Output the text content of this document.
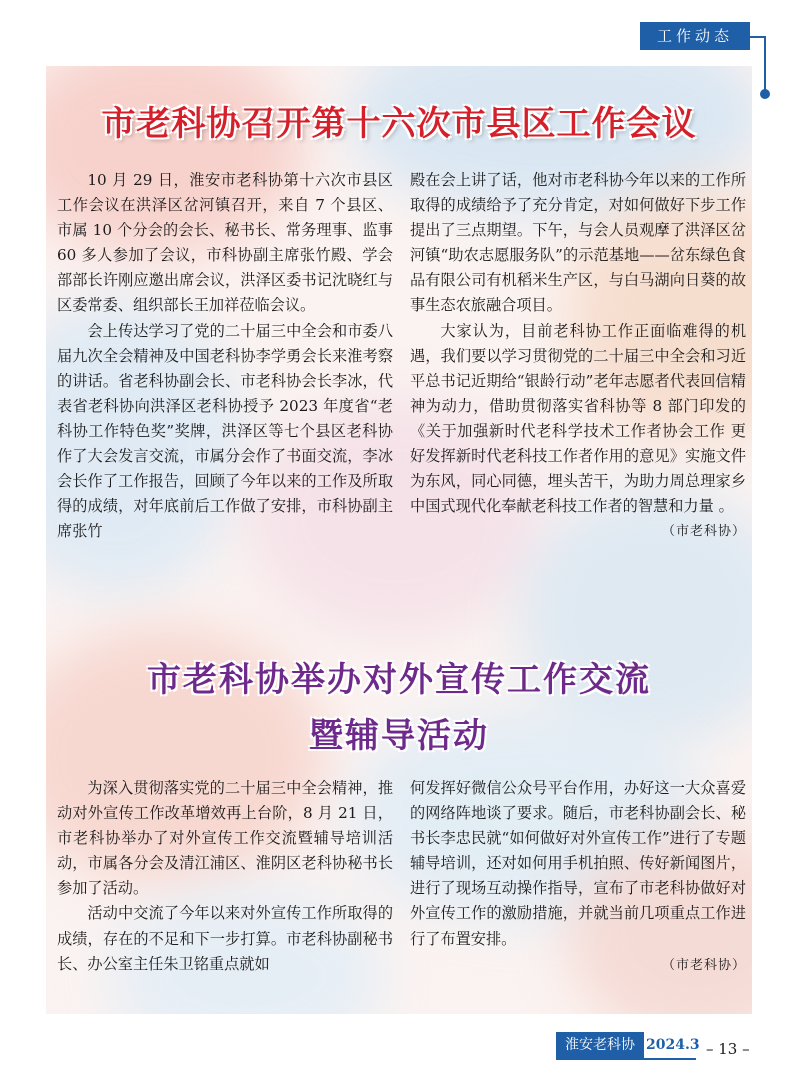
工作动态
市老科协召开第十六次市县区工作会议

10 月 29 日，淮安市老科协第十六次市县区工作会议在洪泽区岔河镇召开，来自 7 个县区、市属 10 个分会的会长、秘书长、常务理事、监事 60 多人参加了会议，市科协副主席张竹殿、学会部部长许刚应邀出席会议，洪泽区委书记沈晓红与区委常委、组织部长王加祥莅临会议。

会上传达学习了党的二十届三中全会和市委八届九次全会精神及中国老科协李学勇会长来淮考察的讲话。省老科协副会长、市老科协会长李冰，代表省老科协向洪泽区老科协授予 2023 年度省“老科协工作特色奖”奖牌，洪泽区等七个县区老科协作了大会发言交流，市属分会作了书面交流，李冰会长作了工作报告，回顾了今年以来的工作及所取得的成绩，对年底前后工作做了安排，市科协副主席张竹

殿在会上讲了话，他对市老科协今年以来的工作所取得的成绩给予了充分肯定，对如何做好下步工作提出了三点期望。下午，与会人员观摩了洪泽区岔河镇“助农志愿服务队”的示范基地——岔东绿色食品有限公司有机稻米生产区，与白马湖向日葵的故事生态农旅融合项目。

大家认为，目前老科协工作正面临难得的机遇，我们要以学习贯彻党的二十届三中全会和习近平总书记近期给“银龄行动”老年志愿者代表回信精神为动力，借助贯彻落实省科协等 8 部门印发的《关于加强新时代老科学技术工作者协会工作 更好发挥新时代老科技工作者作用的意见》实施文件为东风，同心同德，埋头苦干，为助力周总理家乡中国式现代化奉献老科技工作者的智慧和力量 。
（市老科协）

市老科协举办对外宣传工作交流
暨辅导活动

为深入贯彻落实党的二十届三中全会精神，推动对外宣传工作改革增效再上台阶，8 月 21 日，市老科协举办了对外宣传工作交流暨辅导培训活动，市属各分会及清江浦区、淮阴区老科协秘书长参加了活动。

活动中交流了今年以来对外宣传工作所取得的成绩，存在的不足和下一步打算。市老科协副秘书长、办公室主任朱卫铭重点就如

何发挥好微信公众号平台作用，办好这一大众喜爱的网络阵地谈了要求。随后，市老科协副会长、秘书长李忠民就“如何做好对外宣传工作”进行了专题辅导培训，还对如何用手机拍照、传好新闻图片，进行了现场互动操作指导，宣布了市老科协做好对外宣传工作的激励措施，并就当前几项重点工作进行了布置安排。

（市老科协）

淮安老科协 2024.3 – 13 –
